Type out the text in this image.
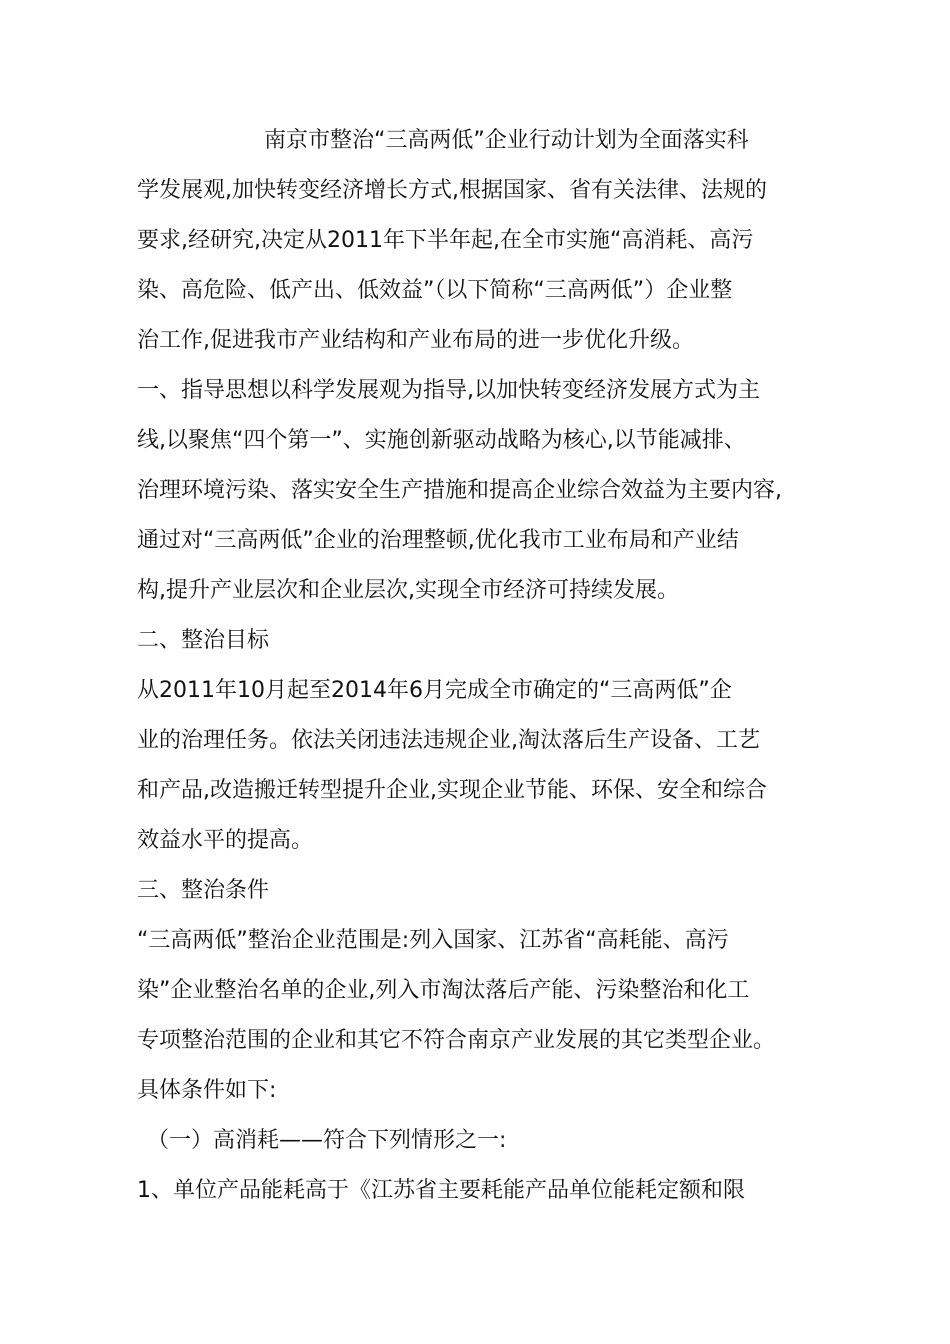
南京市整治“三高两低”企业行动计划为全面落实科
学发展观,加快转变经济增长方式,根据国家、省有关法律、法规的
要求,经研究,决定从2011年下半年起,在全市实施“高消耗、高污
染、高危险、低产出、低效益”（以下简称“三高两低”）企业整
治工作,促进我市产业结构和产业布局的进一步优化升级。
一、指导思想以科学发展观为指导,以加快转变经济发展方式为主
线,以聚焦“四个第一”、实施创新驱动战略为核心,以节能减排、
治理环境污染、落实安全生产措施和提高企业综合效益为主要内容,
通过对“三高两低”企业的治理整顿,优化我市工业布局和产业结
构,提升产业层次和企业层次,实现全市经济可持续发展。
二、整治目标
从2011年10月起至2014年6月完成全市确定的“三高两低”企
业的治理任务。依法关闭违法违规企业,淘汰落后生产设备、工艺
和产品,改造搬迁转型提升企业,实现企业节能、环保、安全和综合
效益水平的提高。
三、整治条件
“三高两低”整治企业范围是:列入国家、江苏省“高耗能、高污
染”企业整治名单的企业,列入市淘汰落后产能、污染整治和化工
专项整治范围的企业和其它不符合南京产业发展的其它类型企业。
具体条件如下:
（一）高消耗——符合下列情形之一:
1、单位产品能耗高于《江苏省主要耗能产品单位能耗定额和限
